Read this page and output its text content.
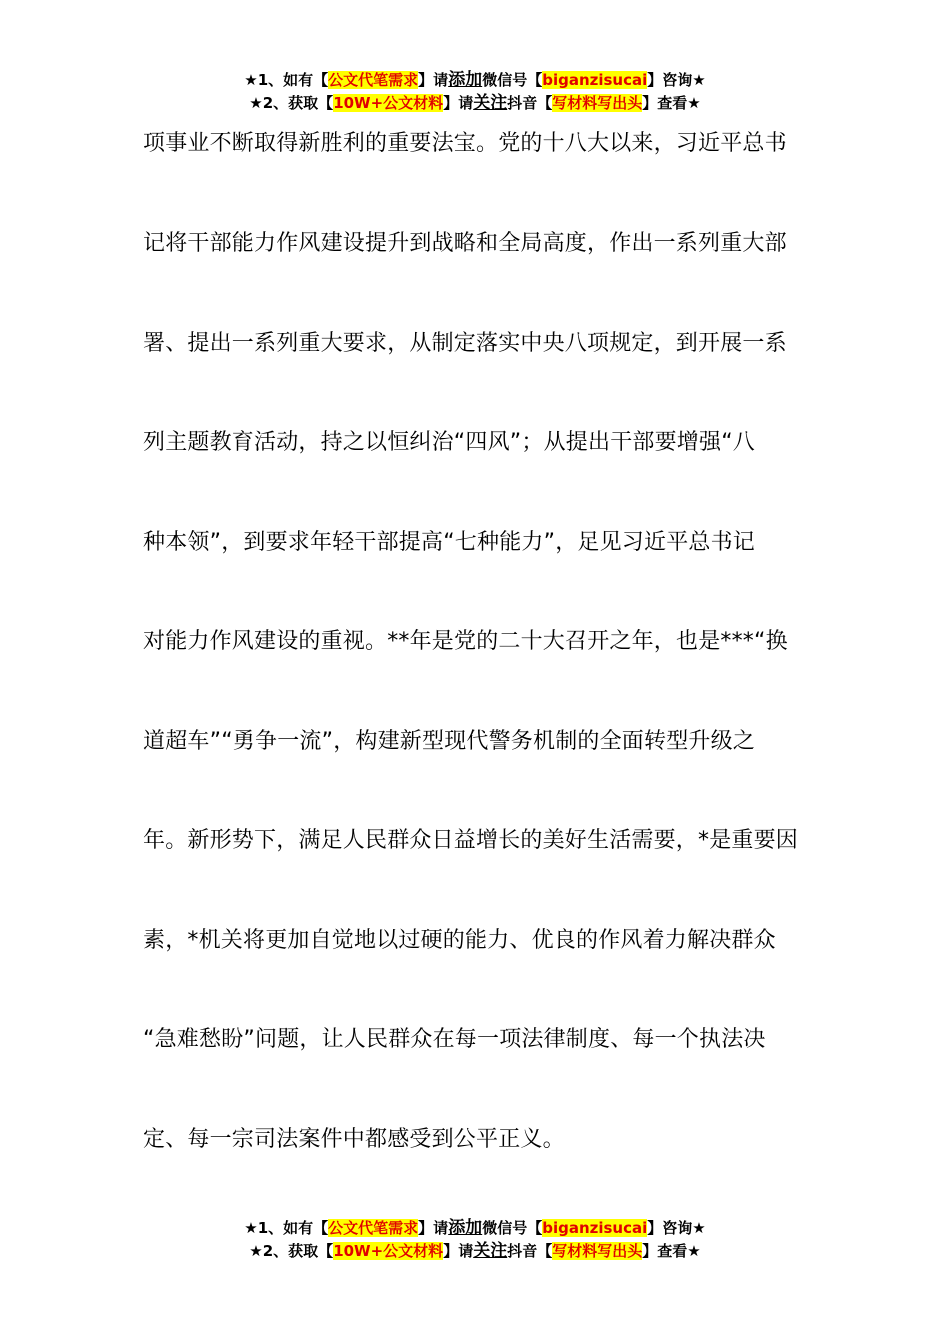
★1、如有【公文代笔需求】请添加微信号【biganzisucai】咨询★
★2、获取【10W+公文材料】请关注抖音【写材料写出头】查看★
项事业不断取得新胜利的重要法宝。党的十八大以来，习近平总书
记将干部能力作风建设提升到战略和全局高度，作出一系列重大部
署、提出一系列重大要求，从制定落实中央八项规定，到开展一系
列主题教育活动，持之以恒纠治“四风”；从提出干部要增强“八
种本领”，到要求年轻干部提高“七种能力”，足见习近平总书记
对能力作风建设的重视。**年是党的二十大召开之年，也是***“换
道超车”“勇争一流”，构建新型现代警务机制的全面转型升级之
年。新形势下，满足人民群众日益增长的美好生活需要，*是重要因
素，*机关将更加自觉地以过硬的能力、优良的作风着力解决群众
“急难愁盼”问题，让人民群众在每一项法律制度、每一个执法决
定、每一宗司法案件中都感受到公平正义。
★1、如有【公文代笔需求】请添加微信号【biganzisucai】咨询★
★2、获取【10W+公文材料】请关注抖音【写材料写出头】查看★
